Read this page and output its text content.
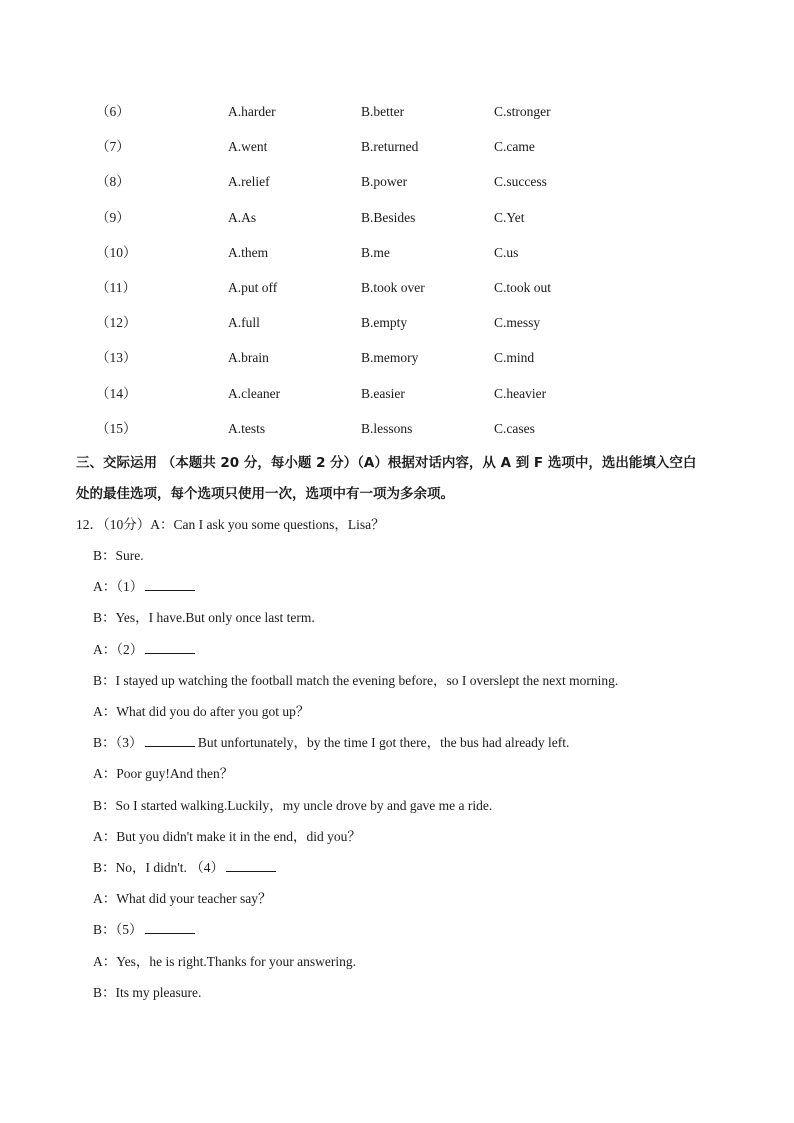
（6）	A.harder	B.better	C.stronger
（7）	A.went	B.returned	C.came
（8）	A.relief	B.power	C.success
（9）	A.As	B.Besides	C.Yet
（10）	A.them	B.me	C.us
（11）	A.put off	B.took over	C.took out
（12）	A.full	B.empty	C.messy
（13）	A.brain	B.memory	C.mind
（14）	A.cleaner	B.easier	C.heavier
（15）	A.tests	B.lessons	C.cases
三、交际运用 （本题共 20 分，每小题 2 分）（A）根据对话内容，从 A 到 F 选项中，选出能填入空白
处的最佳选项，每个选项只使用一次，选项中有一项为多余项。
12．（10分）A：Can I ask you some questions，Lisa？
B：Sure.
A：（1）
B：Yes，I have.But only once last term.
A：（2）
B：I stayed up watching the football match the evening before，so I overslept the next morning.
A：What did you do after you got up？
B：（3）	But unfortunately，by the time I got there，the bus had already left.
A：Poor guy!And then？
B：So I started walking.Luckily，my uncle drove by and gave me a ride.
A：But you didn't make it in the end，did you？
B：No，I didn't. （4）
A：What did your teacher say？
B：（5）
A：Yes，he is right.Thanks for your answering.
B：Its my pleasure.
